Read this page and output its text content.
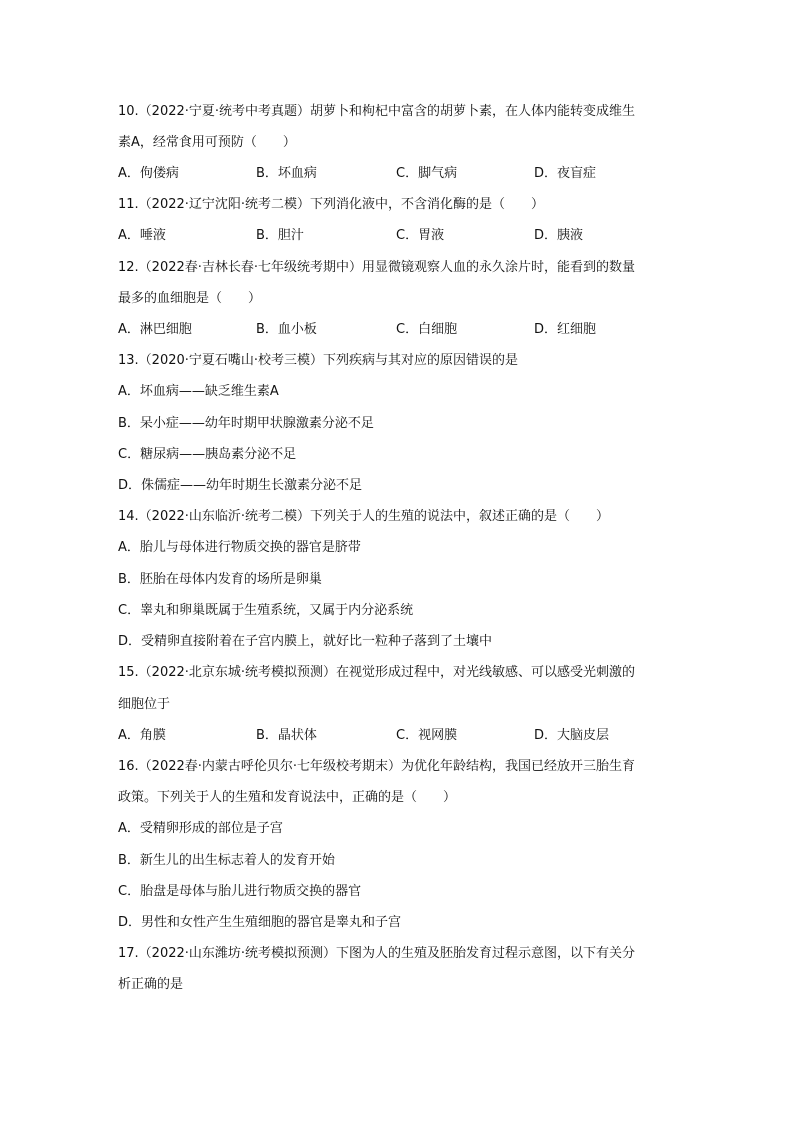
10.（2022·宁夏·统考中考真题）胡萝卜和枸杞中富含的胡萝卜素，在人体内能转变成维生
素A，经常食用可预防（　　）
A．佝偻病	B．坏血病	C．脚气病	D．夜盲症
11.（2022·辽宁沈阳·统考二模）下列消化液中，不含消化酶的是（　　）
A．唾液	B．胆汁	C．胃液	D．胰液
12.（2022春·吉林长春·七年级统考期中）用显微镜观察人血的永久涂片时，能看到的数量
最多的血细胞是（　　）
A．淋巴细胞	B．血小板	C．白细胞	D．红细胞
13.（2020·宁夏石嘴山·校考三模）下列疾病与其对应的原因错误的是
A．坏血病——缺乏维生素A
B．呆小症——幼年时期甲状腺激素分泌不足
C．糖尿病——胰岛素分泌不足
D．侏儒症——幼年时期生长激素分泌不足
14.（2022·山东临沂·统考二模）下列关于人的生殖的说法中，叙述正确的是（　　）
A．胎儿与母体进行物质交换的器官是脐带
B．胚胎在母体内发育的场所是卵巢
C．睾丸和卵巢既属于生殖系统，又属于内分泌系统
D．受精卵直接附着在子宫内膜上，就好比一粒种子落到了土壤中
15.（2022·北京东城·统考模拟预测）在视觉形成过程中，对光线敏感、可以感受光刺激的
细胞位于
A．角膜	B．晶状体	C．视网膜	D．大脑皮层
16.（2022春·内蒙古呼伦贝尔·七年级校考期末）为优化年龄结构，我国已经放开三胎生育
政策。下列关于人的生殖和发育说法中，正确的是（　　）
A．受精卵形成的部位是子宫
B．新生儿的出生标志着人的发育开始
C．胎盘是母体与胎儿进行物质交换的器官
D．男性和女性产生生殖细胞的器官是睾丸和子宫
17.（2022·山东潍坊·统考模拟预测）下图为人的生殖及胚胎发育过程示意图，以下有关分
析正确的是
